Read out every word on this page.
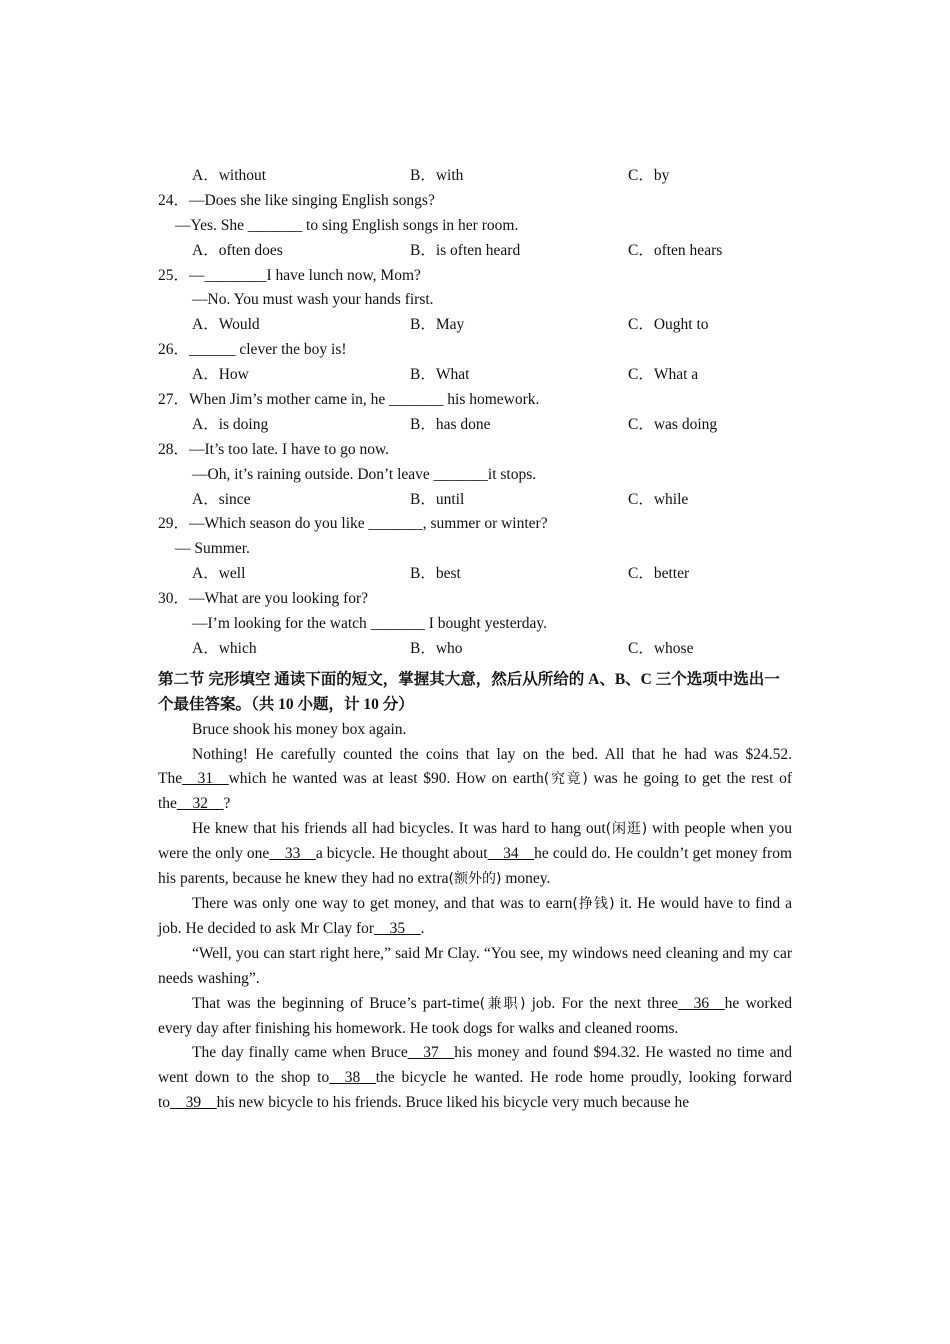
A．without	B．with	C．by
24．—Does she like singing English songs?
—Yes. She _______ to sing English songs in her room.
A．often does	B．is often heard	C．often hears
25．—________I have lunch now, Mom?
—No. You must wash your hands first.
A．Would	B．May	C．Ought to
26．______ clever the boy is!
A．How	B．What	C．What a
27．When Jim’s mother came in, he _______ his homework.
A．is doing	B．has done	C．was doing
28．—It’s too late. I have to go now.
—Oh, it’s raining outside. Don’t leave _______it stops.
A．since	B．until	C．while
29．—Which season do you like _______, summer or winter?
— Summer.
A．well	B．best	C．better
30．—What are you looking for?
—I’m looking for the watch _______ I bought yesterday.
A．which	B．who	C．whose
第二节 完形填空 通读下面的短文，掌握其大意，然后从所给的 A、B、C 三个选项中选出一个最佳答案。（共 10 小题，计 10 分）
Bruce shook his money box again.
Nothing! He carefully counted the coins that lay on the bed. All that he had was $24.52. The__31__which he wanted was at least $90. How on earth(究竟) was he going to get the rest of the__32__?
He knew that his friends all had bicycles. It was hard to hang out(闲逛) with people when you were the only one__33__a bicycle. He thought about__34__he could do. He couldn’t get money from his parents, because he knew they had no extra(额外的) money.
There was only one way to get money, and that was to earn(挣钱) it. He would have to find a job. He decided to ask Mr Clay for__35__.
“Well, you can start right here,” said Mr Clay. “You see, my windows need cleaning and my car needs washing”.
That was the beginning of Bruce’s part-time(兼职) job. For the next three__36__he worked every day after finishing his homework. He took dogs for walks and cleaned rooms.
The day finally came when Bruce__37__his money and found $94.32. He wasted no time and went down to the shop to__38__the bicycle he wanted. He rode home proudly, looking forward to__39__his new bicycle to his friends. Bruce liked his bicycle very much because he
